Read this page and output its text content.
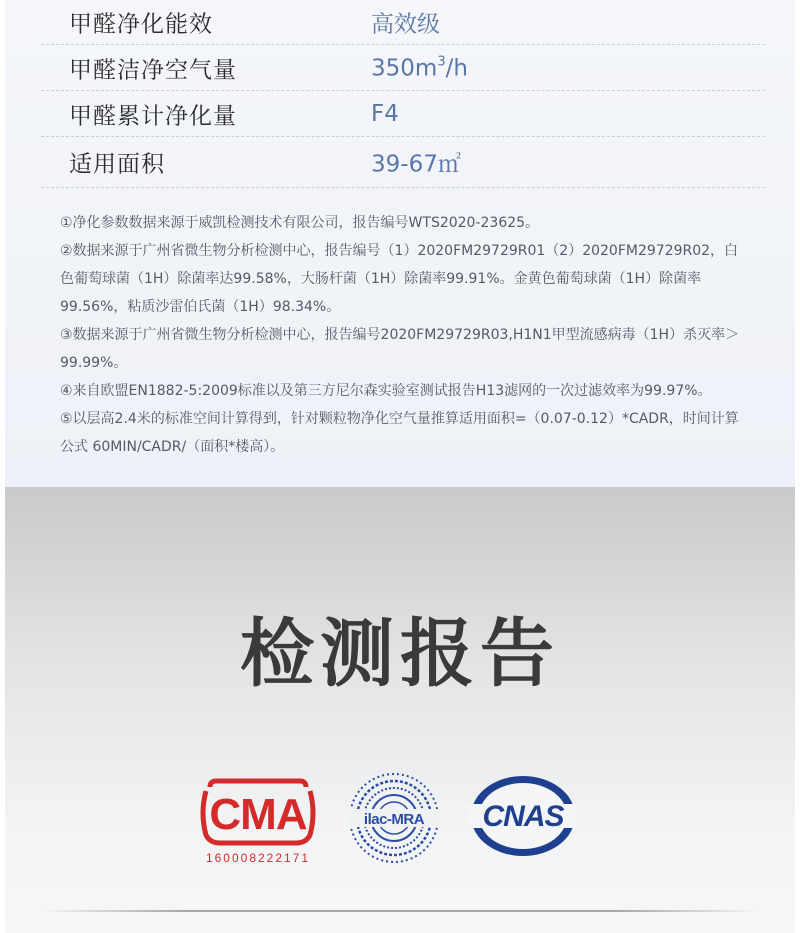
甲醛净化能效	高效级
甲醛洁净空气量	$350m^3/h$
甲醛累计净化量	F4
适用面积	39-67㎡

①净化参数数据来源于威凯检测技术有限公司，报告编号WTS2020-23625。

②数据来源于广州省微生物分析检测中心，报告编号（1）2020FM29729R01（2）2020FM29729R02，白色葡萄球菌（1H）除菌率达99.58%，大肠杆菌（1H）除菌率99.91%。金黄色葡萄球菌（1H）除菌率99.56%，粘质沙雷伯氏菌（1H）98.34%。

③数据来源于广州省微生物分析检测中心，报告编号2020FM29729R03,H1N1甲型流感病毒（1H）杀灭率＞99.99%。

④来自欧盟EN1882-5:2009标准以及第三方尼尔森实验室测试报告H13滤网的一次过滤效率为99.97%。

⑤以层高2.4米的标准空间计算得到，针对颗粒物净化空气量推算适用面积=（0.07-0.12）*CADR，时间计算公式 60MIN/CADR/（面积*楼高）。

检测报告
CMA
160008222171
ilac-MRA CNAS
